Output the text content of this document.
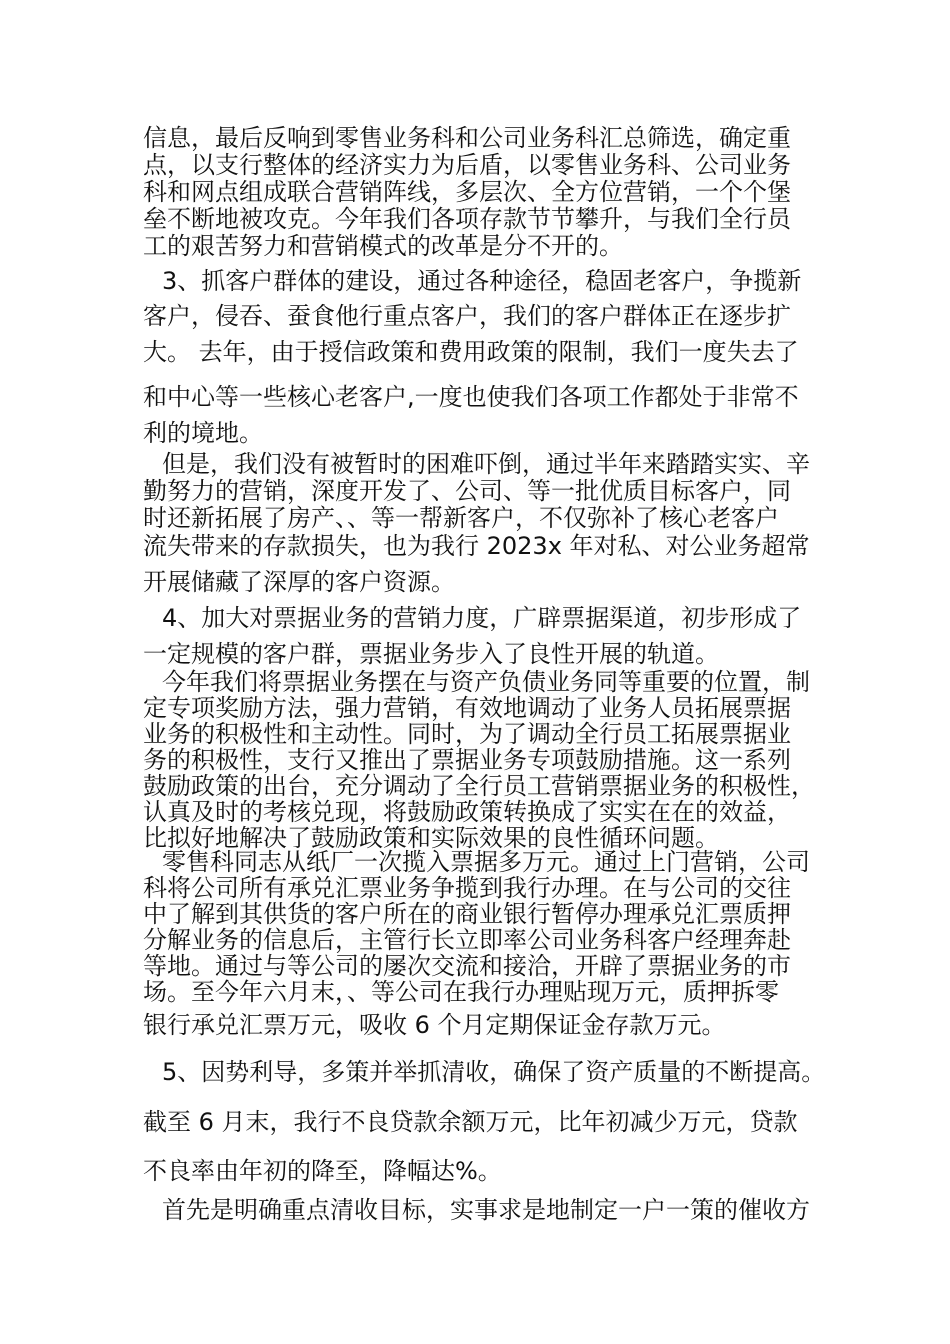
信息，最后反响到零售业务科和公司业务科汇总筛选，确定重
点，以支行整体的经济实力为后盾，以零售业务科、公司业务
科和网点组成联合营销阵线，多层次、全方位营销，一个个堡
垒不断地被攻克。今年我们各项存款节节攀升，与我们全行员
工的艰苦努力和营销模式的改革是分不开的。
3、抓客户群体的建设，通过各种途径，稳固老客户，争揽新
客户，侵吞、蚕食他行重点客户，我们的客户群体正在逐步扩
大。 去年，由于授信政策和费用政策的限制，我们一度失去了
和中心等一些核心老客户,一度也使我们各项工作都处于非常不
利的境地。
但是，我们没有被暂时的困难吓倒，通过半年来踏踏实实、辛
勤努力的营销，深度开发了、公司、等一批优质目标客户，同
时还新拓展了房产、、等一帮新客户，不仅弥补了核心老客户
流失带来的存款损失，也为我行 2023x 年对私、对公业务超常
开展储藏了深厚的客户资源。
4、加大对票据业务的营销力度，广辟票据渠道，初步形成了
一定规模的客户群，票据业务步入了良性开展的轨道。
今年我们将票据业务摆在与资产负债业务同等重要的位置，制
定专项奖励方法，强力营销，有效地调动了业务人员拓展票据
业务的积极性和主动性。同时，为了调动全行员工拓展票据业
务的积极性，支行又推出了票据业务专项鼓励措施。这一系列
鼓励政策的出台，充分调动了全行员工营销票据业务的积极性，
认真及时的考核兑现，将鼓励政策转换成了实实在在的效益，
比拟好地解决了鼓励政策和实际效果的良性循环问题。
零售科同志从纸厂一次揽入票据多万元。通过上门营销，公司
科将公司所有承兑汇票业务争揽到我行办理。在与公司的交往
中了解到其供货的客户所在的商业银行暂停办理承兑汇票质押
分解业务的信息后，主管行长立即率公司业务科客户经理奔赴
等地。通过与等公司的屡次交流和接洽，开辟了票据业务的市
场。至今年六月末，、等公司在我行办理贴现万元，质押拆零
银行承兑汇票万元，吸收 6 个月定期保证金存款万元。
5、因势利导，多策并举抓清收，确保了资产质量的不断提高。
截至 6 月末，我行不良贷款余额万元，比年初减少万元，贷款
不良率由年初的降至，降幅达%。
首先是明确重点清收目标，实事求是地制定一户一策的催收方
